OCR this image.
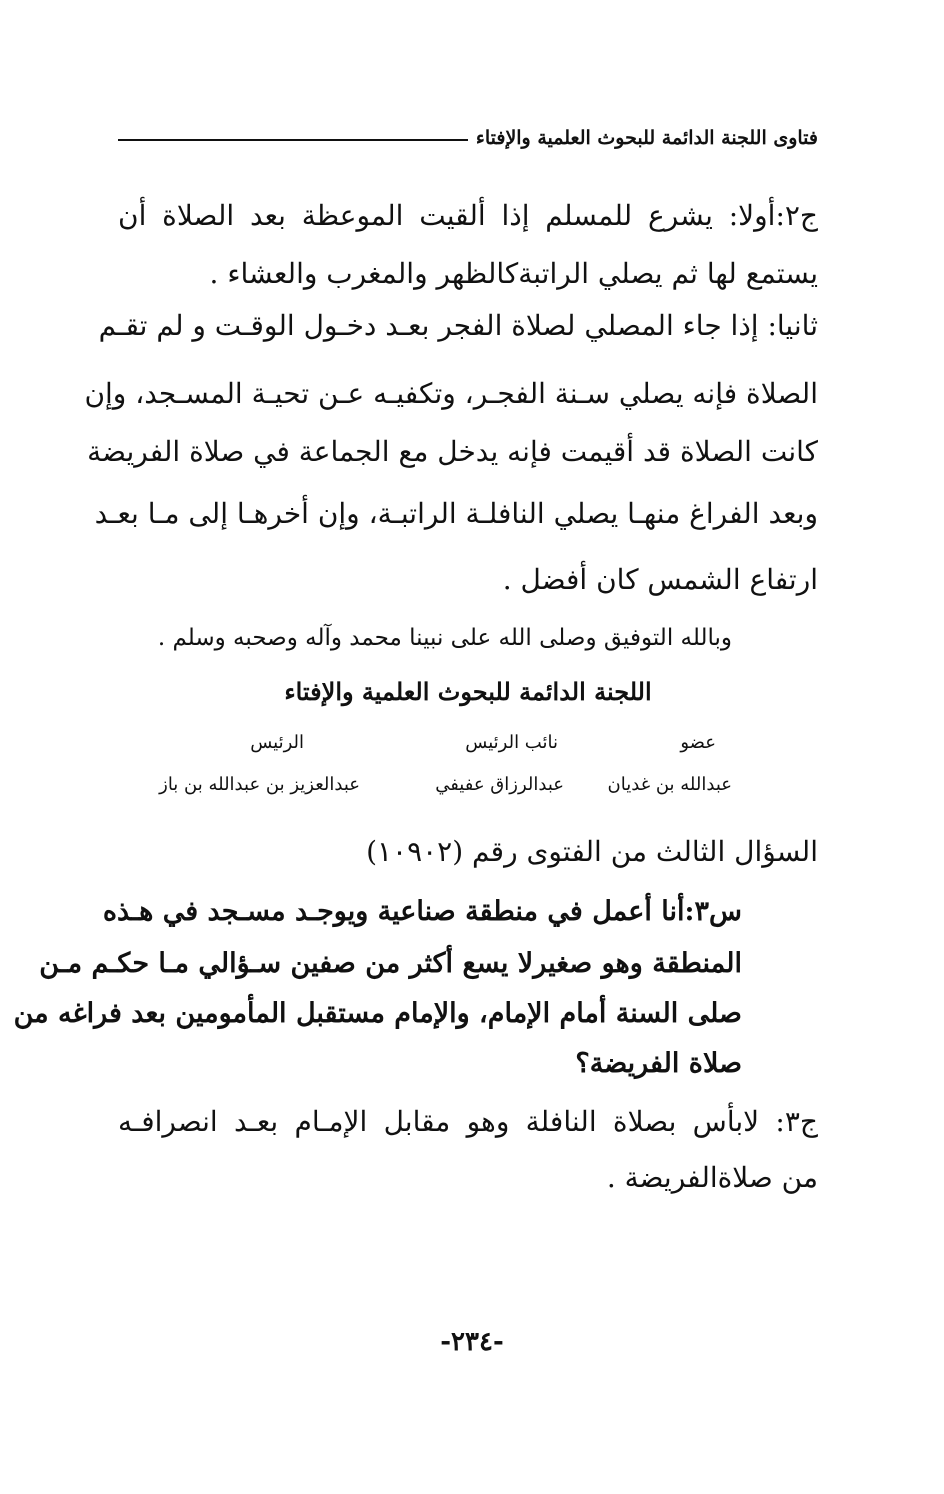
فتاوى اللجنة الدائمة للبحوث العلمية والإفتاء
ج٢:أولا: يشرع للمسلم إذا ألقيت الموعظة بعد الصلاة أن
يستمع لها ثم يصلي الراتبةكالظهر والمغرب والعشاء .
ثانيا: إذا جاء المصلي لصلاة الفجر بعـد دخـول الوقـت و لم تقـم
الصلاة فإنه يصلي سـنة الفجـر، وتكفيـه عـن تحيـة المسـجد، وإن
كانت الصلاة قد أقيمت فإنه يدخل مع الجماعة في صلاة الفريضة
وبعد الفراغ منهـا يصلي النافلـة الراتبـة، وإن أخرهـا إلى مـا بعـد
ارتفاع الشمس كان أفضل .
وبالله التوفيق وصلى الله على نبينا محمد وآله وصحبه وسلم .
اللجنة الدائمة للبحوث العلمية والإفتاء
عضو
نائب الرئيس
الرئيس
عبدالله بن غديان
عبدالرزاق عفيفي
عبدالعزيز بن عبدالله بن باز
السؤال الثالث من الفتوى رقم (١٠٩٠٢)
س٣:أنا أعمل في منطقة صناعية ويوجـد مسـجد في هـذه
المنطقة وهو صغيرلا يسع أكثر من صفين سـؤالي مـا حكـم مـن
صلى السنة أمام الإمام، والإمام مستقبل المأمومين بعد فراغه من
صلاة الفريضة؟
ج٣: لابأس بصلاة النافلة وهو مقابل الإمـام بعـد انصرافـه
من صلاةالفريضة .
-٢٣٤-
